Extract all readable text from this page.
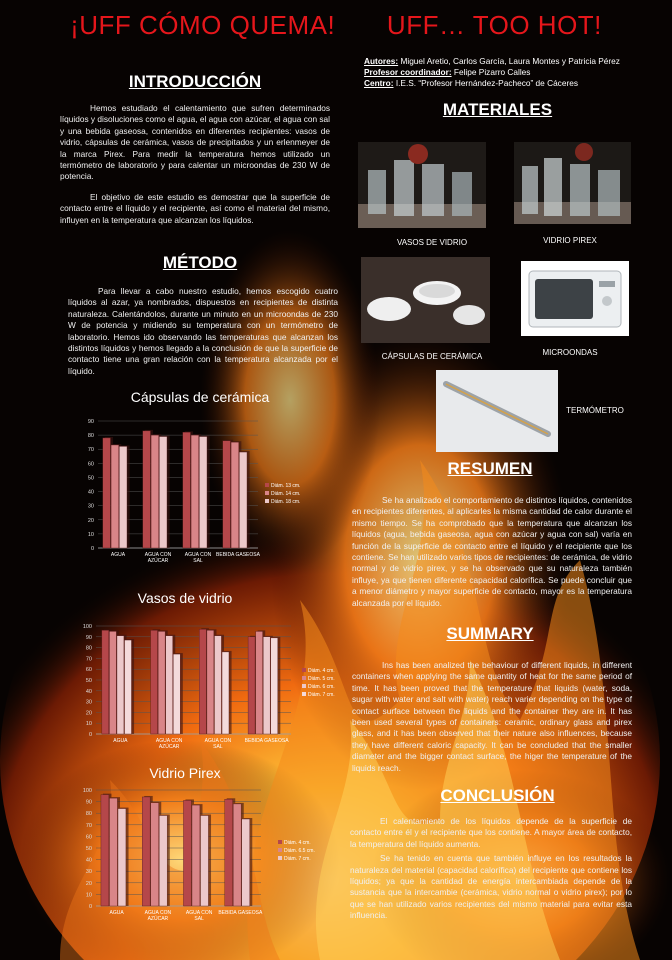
¡UFF CÓMO QUEMA! UFF… TOO HOT!
Autores: Miguel Aretio, Carlos García, Laura Montes y Patricia Pérez
Profesor coordinador: Felipe Pizarro Calles
Centro: I.E.S. “Profesor Hernández-Pacheco” de Cáceres
INTRODUCCIÓN

Hemos estudiado el calentamiento que sufren determinados líquidos y disoluciones como el agua, el agua con azúcar, el agua con sal y una bebida gaseosa, contenidos en diferentes recipientes: vasos de vidrio, cápsulas de cerámica, vasos de precipitados y un erlenmeyer de la marca Pirex. Para medir la temperatura hemos utilizado un termómetro de laboratorio y para calentar un microondas de 230 W de potencia.

El objetivo de este estudio es demostrar que la superficie de contacto entre el líquido y el recipiente, así como el material del mismo, influyen en la temperatura que alcanzan los líquidos.

MÉTODO

Para llevar a cabo nuestro estudio, hemos escogido cuatro líquidos al azar, ya nombrados, dispuestos en recipientes de distinta naturaleza. Calentándolos, durante un minuto en un microondas de 230 W de potencia y midiendo su temperatura con un termómetro de laboratorio. Hemos ido observando las temperaturas que alcanzan los distintos líquidos y hemos llegado a la conclusión de que la superficie de contacto tiene una gran relación con la temperatura alcanzada por el líquido.

MATERIALES
VASOS DE VIDRIO	VIDRIO PIREX
CÁPSULAS DE CERÁMICA	MICROONDAS
TERMÓMETRO
RESUMEN

Se ha analizado el comportamiento de distintos líquidos, contenidos en recipientes diferentes, al aplicarles la misma cantidad de calor durante el mismo tiempo. Se ha comprobado que la temperatura que alcanzan los líquidos (agua, bebida gaseosa, agua con azúcar y agua con sal) varía en función de la superficie de contacto entre el líquido y el recipiente que los contiene. Se han utilizado varios tipos de recipientes: de cerámica, de vidrio normal y de vidrio pirex, y se ha observado que su naturaleza también influye, ya que tienen diferente capacidad calorífica. Se puede concluir que a menor diámetro y mayor superficie de contacto, mayor es la temperatura alcanzada por el líquido.

SUMMARY

Ins has been analized the behaviour of different liquids, in different containers when applying the same quantity of heat for the same period of time. It has been proved that the temperature that liquids (water, soda, sugar with water and salt with water) reach varier depending on the type of contact surface between the liquids and the container they are in. It has been used several types of containers: ceramic, ordinary glass and pirex glass, and it has been observed that their nature also influences, because they have different caloric capacity. It can be concluded that the smaller diameter and the bigger contact surface, the higer the temperature of the liquids reach.

CONCLUSIÓN

El calentamiento de los líquidos depende de la superficie de contacto entre él y el recipiente que los contiene. A mayor área de contacto, la temperatura del líquido aumenta.

Se ha tenido en cuenta que también influye en los resultados la naturaleza del material (capacidad calorífica) del recipiente que contiene los líquidos; ya que la cantidad de energía intercambiada depende de la sustancia que la intercambie (cerámica, vidrio normal o vidrio pirex); por lo que se han utilizado varios recipientes del mismo material para evitar esta influencia.

Cápsulas de cerámica
0
10
20
30
40
50
60
70
80
90
AGUA	AGUA CON
AZÚCAR
AGUA CON
SAL
BEBIDA GASEOSA
Diám. 13 cm.
Diám. 14 cm.
Diám. 18 cm.
Vasos de vidrio
0
10
20
30
40
50
60
70
80
90
100
AGUA	AGUA CON
AZÚCAR
AGUA CON
SAL
BEBIDA GASEOSA
Diám. 4 cm.
Diám. 5 cm.
Diám. 6 cm.
Diám. 7 cm.
Vidrio Pirex
0
10
20
30
40
50
60
70
80
90
100
AGUA	AGUA CON
AZÚCAR
AGUA CON
SAL
BEBIDA GASEOSA
Diám. 4 cm.
Diám. 6.5 cm.
Diám. 7 cm.
